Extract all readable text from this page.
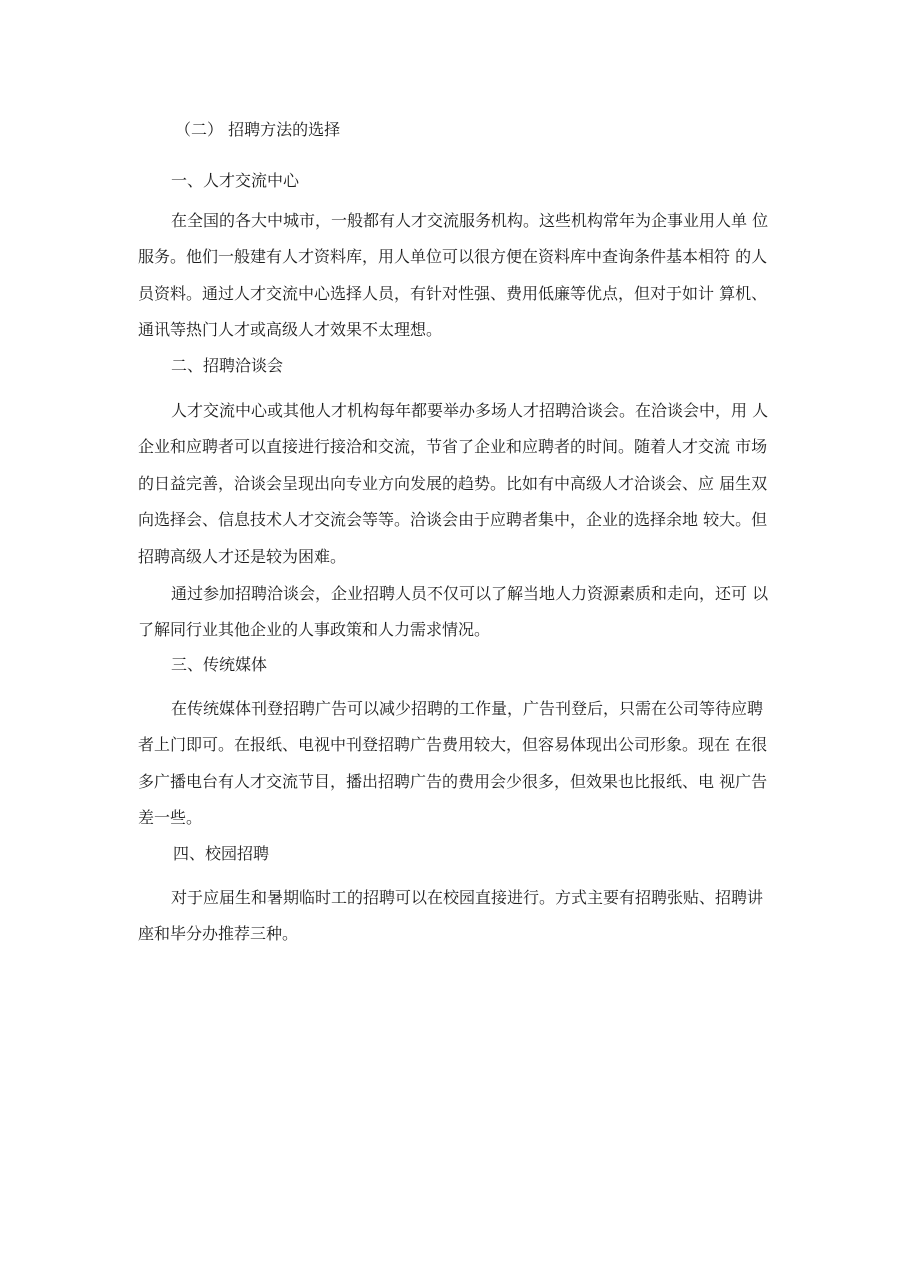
（二） 招聘方法的选择
一、人才交流中心

在全国的各大中城市，一般都有人才交流服务机构。这些机构常年为企事业用人单 位服务。他们一般建有人才资料库，用人单位可以很方便在资料库中查询条件基本相符 的人员资料。通过人才交流中心选择人员，有针对性强、费用低廉等优点，但对于如计 算机、通讯等热门人才或高级人才效果不太理想。

二、招聘洽谈会

人才交流中心或其他人才机构每年都要举办多场人才招聘洽谈会。在洽谈会中，用 人企业和应聘者可以直接进行接洽和交流，节省了企业和应聘者的时间。随着人才交流 市场的日益完善，洽谈会呈现出向专业方向发展的趋势。比如有中高级人才洽谈会、应 届生双向选择会、信息技术人才交流会等等。洽谈会由于应聘者集中，企业的选择余地 较大。但招聘高级人才还是较为困难。

通过参加招聘洽谈会，企业招聘人员不仅可以了解当地人力资源素质和走向，还可 以了解同行业其他企业的人事政策和人力需求情况。

三、传统媒体

在传统媒体刊登招聘广告可以减少招聘的工作量，广告刊登后，只需在公司等待应聘者上门即可。在报纸、电视中刊登招聘广告费用较大，但容易体现出公司形象。现在 在很多广播电台有人才交流节目，播出招聘广告的费用会少很多，但效果也比报纸、电 视广告差一些。

四、校园招聘

对于应届生和暑期临时工的招聘可以在校园直接进行。方式主要有招聘张贴、招聘讲座和毕分办推荐三种。
